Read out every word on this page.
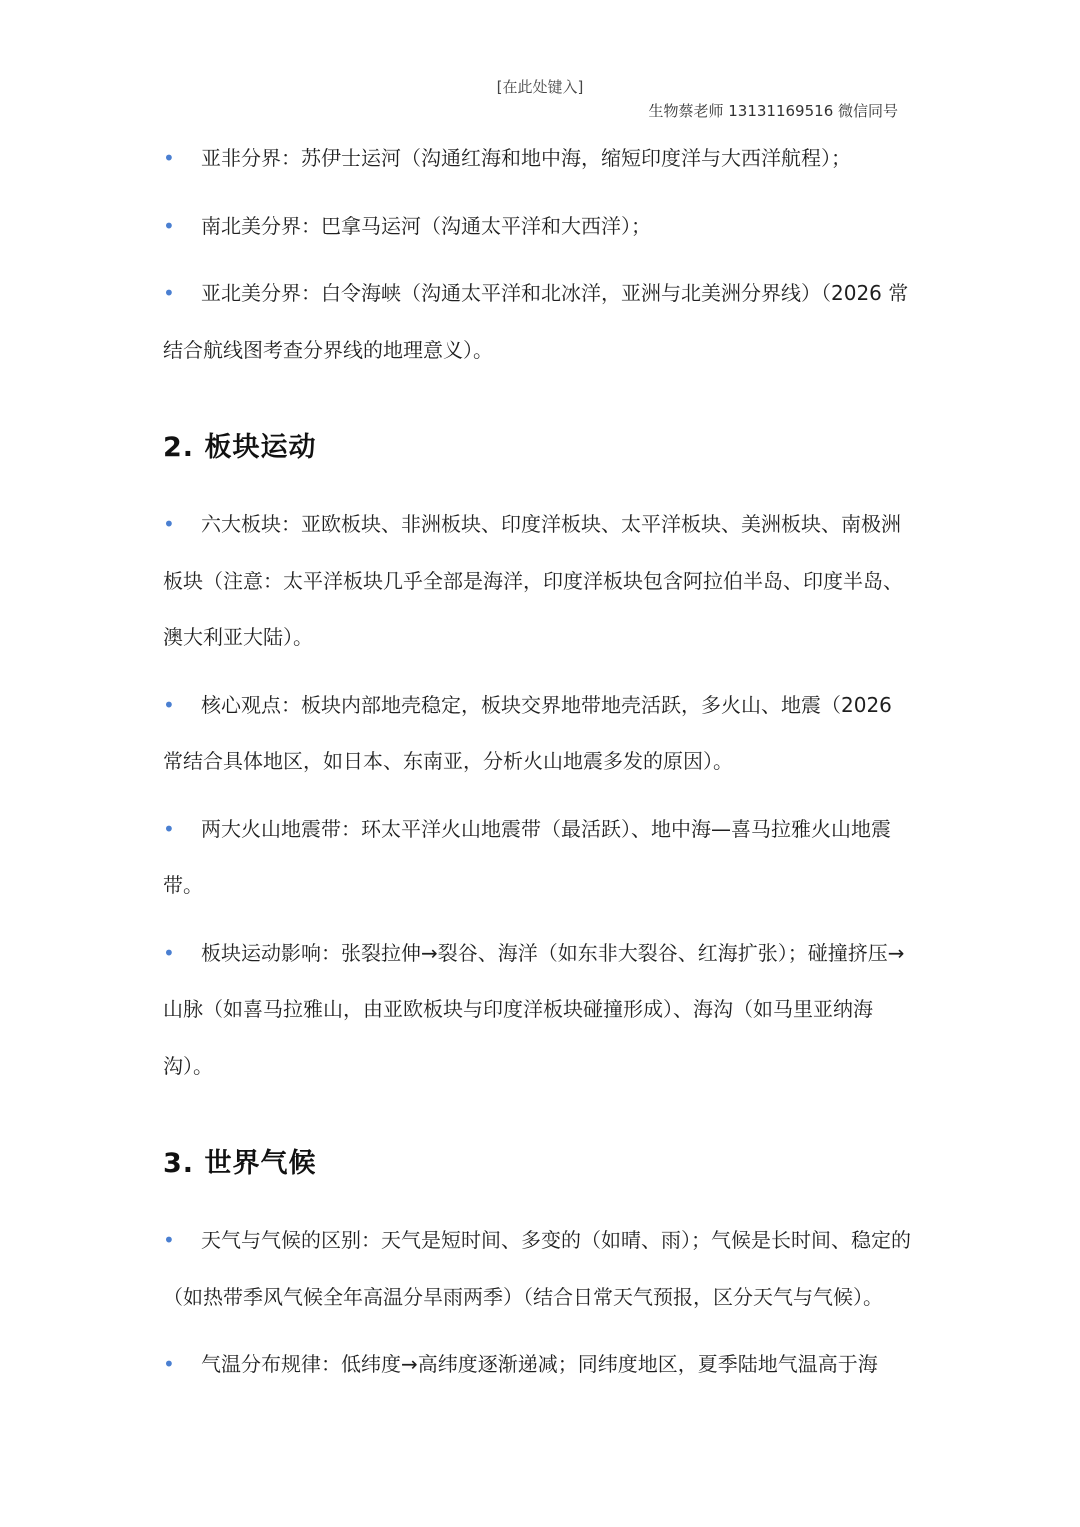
[在此处键入]
生物蔡老师 13131169516 微信同号
•	亚非分界：苏伊士运河（沟通红海和地中海，缩短印度洋与大西洋航程）；
•	南北美分界：巴拿马运河（沟通太平洋和大西洋）；
•	亚北美分界：白令海峡（沟通太平洋和北冰洋，亚洲与北美洲分界线）（2026 常结合航线图考查分界线的地理意义）。
2. 板块运动
•	六大板块：亚欧板块、非洲板块、印度洋板块、太平洋板块、美洲板块、南极洲板块（注意：太平洋板块几乎全部是海洋，印度洋板块包含阿拉伯半岛、印度半岛、澳大利亚大陆）。
•	核心观点：板块内部地壳稳定，板块交界地带地壳活跃，多火山、地震（2026 常结合具体地区，如日本、东南亚，分析火山地震多发的原因）。
•	两大火山地震带：环太平洋火山地震带（最活跃）、地中海—喜马拉雅火山地震带。
•	板块运动影响：张裂拉伸→裂谷、海洋（如东非大裂谷、红海扩张）；碰撞挤压→山脉（如喜马拉雅山，由亚欧板块与印度洋板块碰撞形成）、海沟（如马里亚纳海沟）。
3. 世界气候
•	天气与气候的区别：天气是短时间、多变的（如晴、雨）；气候是长时间、稳定的（如热带季风气候全年高温分旱雨两季）（结合日常天气预报，区分天气与气候）。
•	气温分布规律：低纬度→高纬度逐渐递减；同纬度地区，夏季陆地气温高于海
